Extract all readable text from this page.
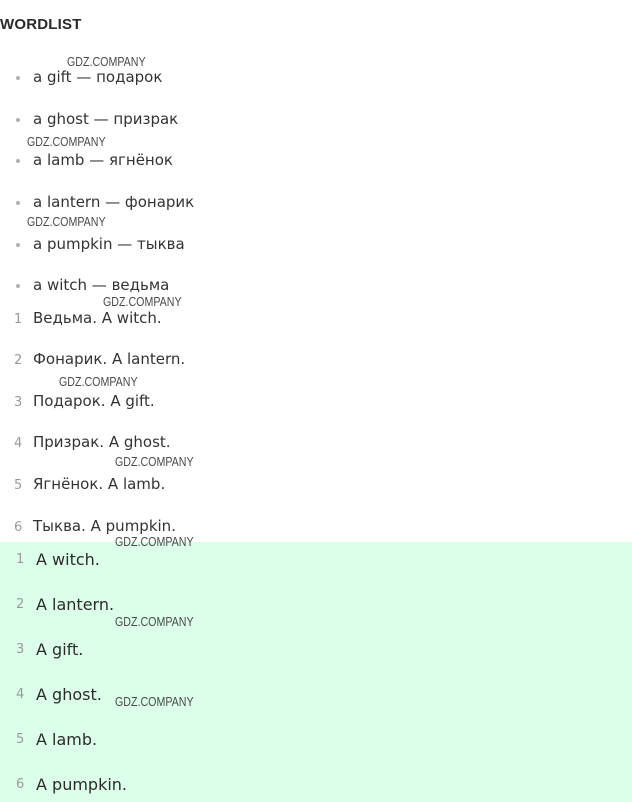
WORDLIST
a gift — подарок
a ghost — призрак
a lamb — ягнёнок
a lantern — фонарик
a pumpkin — тыква
a witch — ведьма
1 Ведьма. A witch.
2 Фонарик. A lantern.
3 Подарок. A gift.
4 Призрак. A ghost.
5 Ягнёнок. A lamb.
6 Тыква. A pumpkin.
1 A witch.
2 A lantern.
3 A gift.
4 A ghost.
5 A lamb.
6 A pumpkin.
GDZ.COMPANY
GDZ.COMPANY
GDZ.COMPANY
GDZ.COMPANY
GDZ.COMPANY
GDZ.COMPANY
GDZ.COMPANY
GDZ.COMPANY
GDZ.COMPANY
